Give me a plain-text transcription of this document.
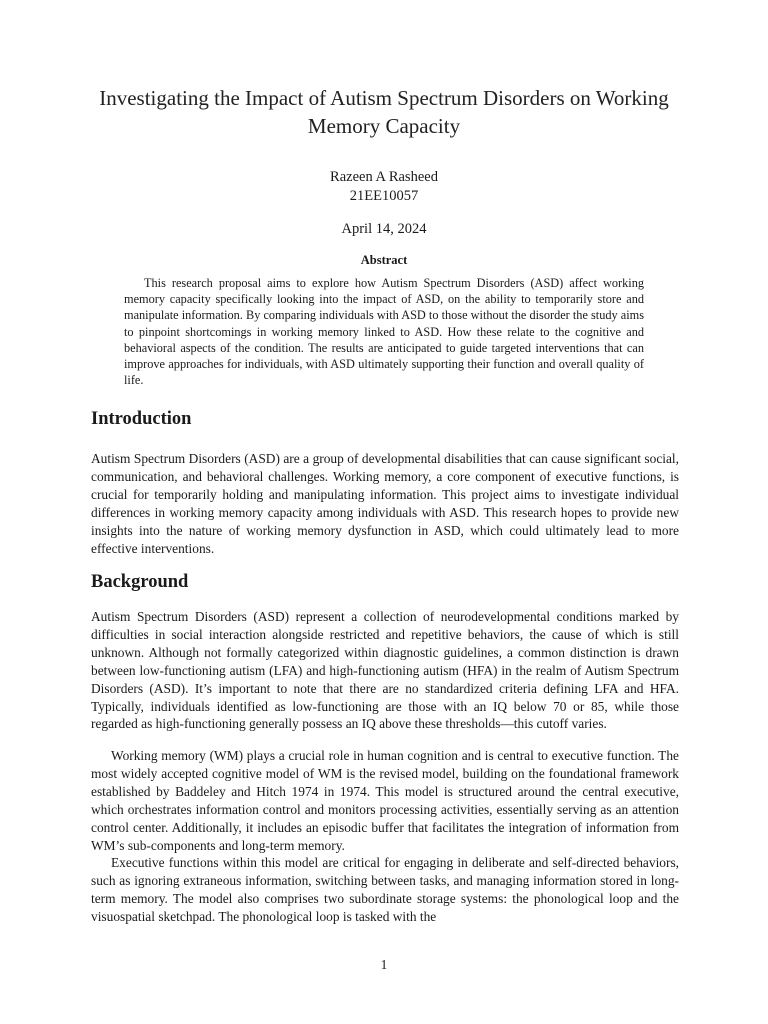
Investigating the Impact of Autism Spectrum Disorders on Working Memory Capacity
Razeen A Rasheed
21EE10057
April 14, 2024
Abstract

This research proposal aims to explore how Autism Spectrum Disorders (ASD) affect working memory capacity specifically looking into the impact of ASD, on the ability to temporarily store and manipulate information. By comparing individuals with ASD to those without the disorder the study aims to pinpoint shortcomings in working memory linked to ASD. How these relate to the cognitive and behavioral aspects of the condition. The results are anticipated to guide targeted interventions that can improve approaches for individuals, with ASD ultimately supporting their function and overall quality of life.

Introduction

Autism Spectrum Disorders (ASD) are a group of developmental disabilities that can cause significant social, communication, and behavioral challenges. Working memory, a core component of executive functions, is crucial for temporarily holding and manipulating information. This project aims to investigate individual differences in working memory capacity among individuals with ASD. This research hopes to provide new insights into the nature of working memory dysfunction in ASD, which could ultimately lead to more effective interventions.

Background

Autism Spectrum Disorders (ASD) represent a collection of neurodevelopmental conditions marked by difficulties in social interaction alongside restricted and repetitive behaviors, the cause of which is still unknown. Although not formally categorized within diagnostic guidelines, a common distinction is drawn between low-functioning autism (LFA) and high-functioning autism (HFA) in the realm of Autism Spectrum Disorders (ASD). It’s important to note that there are no standardized criteria defining LFA and HFA. Typically, individuals identified as low-functioning are those with an IQ below 70 or 85, while those regarded as high-functioning generally possess an IQ above these thresholds—this cutoff varies.

Working memory (WM) plays a crucial role in human cognition and is central to executive function. The most widely accepted cognitive model of WM is the revised model, building on the foundational framework established by Baddeley and Hitch 1974 in 1974. This model is structured around the central executive, which orchestrates information control and monitors processing activities, essentially serving as an attention control center. Additionally, it includes an episodic buffer that facilitates the integration of information from WM’s sub-components and long-term memory.

Executive functions within this model are critical for engaging in deliberate and self-directed behaviors, such as ignoring extraneous information, switching between tasks, and managing information stored in long-term memory. The model also comprises two subordinate storage systems: the phonological loop and the visuospatial sketchpad. The phonological loop is tasked with the

1
